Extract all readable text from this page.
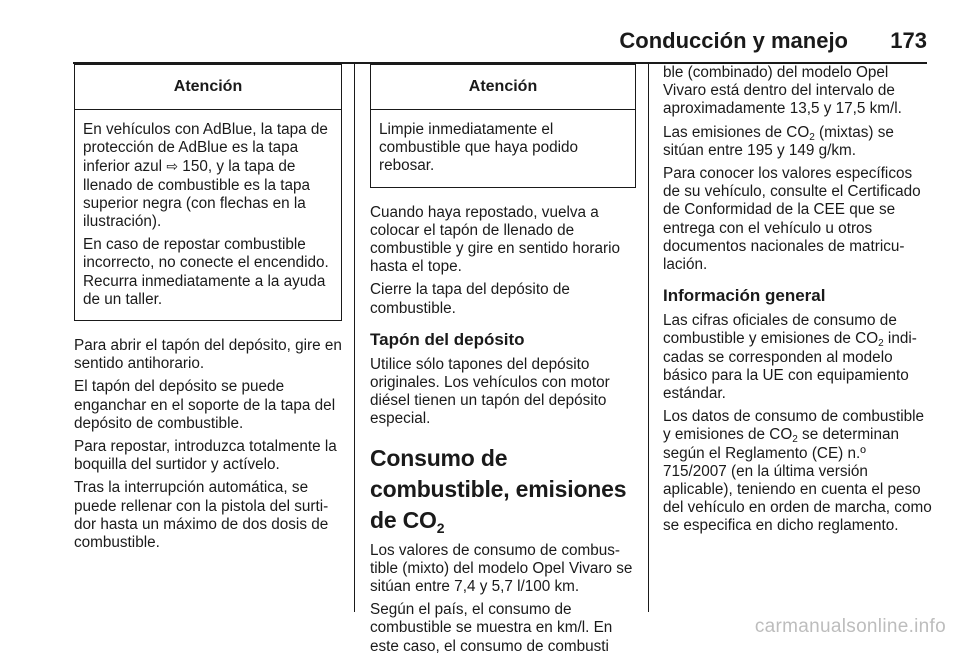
Conducción y manejo 173
Atención

En vehículos con AdBlue, la tapa de protección de AdBlue es la tapa inferior azul ⇨ 150, y la tapa de llenado de combustible es la tapa superior negra (con flechas en la ilustración).

En caso de repostar combustible incorrecto, no conecte el encendido. Recurra inmediatamente a la ayuda de un taller.

Para abrir el tapón del depósito, gire en sentido antihorario.

El tapón del depósito se puede enganchar en el soporte de la tapa del depósito de combustible.

Para repostar, introduzca totalmente la boquilla del surtidor y actívelo.

Tras la interrupción automática, se puede rellenar con la pistola del surtidor hasta un máximo de dos dosis de combustible.

Atención

Limpie inmediatamente el combustible que haya podido rebosar.

Cuando haya repostado, vuelva a colocar el tapón de llenado de combustible y gire en sentido horario hasta el tope.

Cierre la tapa del depósito de combustible.

Tapón del depósito

Utilice sólo tapones del depósito originales. Los vehículos con motor diésel tienen un tapón del depósito especial.

Consumo de combustible, emisiones de $CO_2$

Los valores de consumo de combustible (mixto) del modelo Opel Vivaro se sitúan entre 7,4 y 5,7 l/100 km.

Según el país, el consumo de combustible se muestra en km/l. En este caso, el consumo de combusti

ble (combinado) del modelo Opel Vivaro está dentro del intervalo de aproximadamente 13,5 y 17,5 km/l.

Las emisiones de $CO_2$ (mixtas) se sitúan entre 195 y 149 g/km.

Para conocer los valores específicos de su vehículo, consulte el Certificado de Conformidad de la CEE que se entrega con el vehículo u otros documentos nacionales de matriculación.

Información general

Las cifras oficiales de consumo de combustible y emisiones de $CO_2$ indicadas se corresponden al modelo básico para la UE con equipamiento estándar.

Los datos de consumo de combustible y emisiones de $CO_2$ se determinan según el Reglamento (CE) n.º 715/2007 (en la última versión aplicable), teniendo en cuenta el peso del vehículo en orden de marcha, como se especifica en dicho reglamento.

carmanualsonline.info
